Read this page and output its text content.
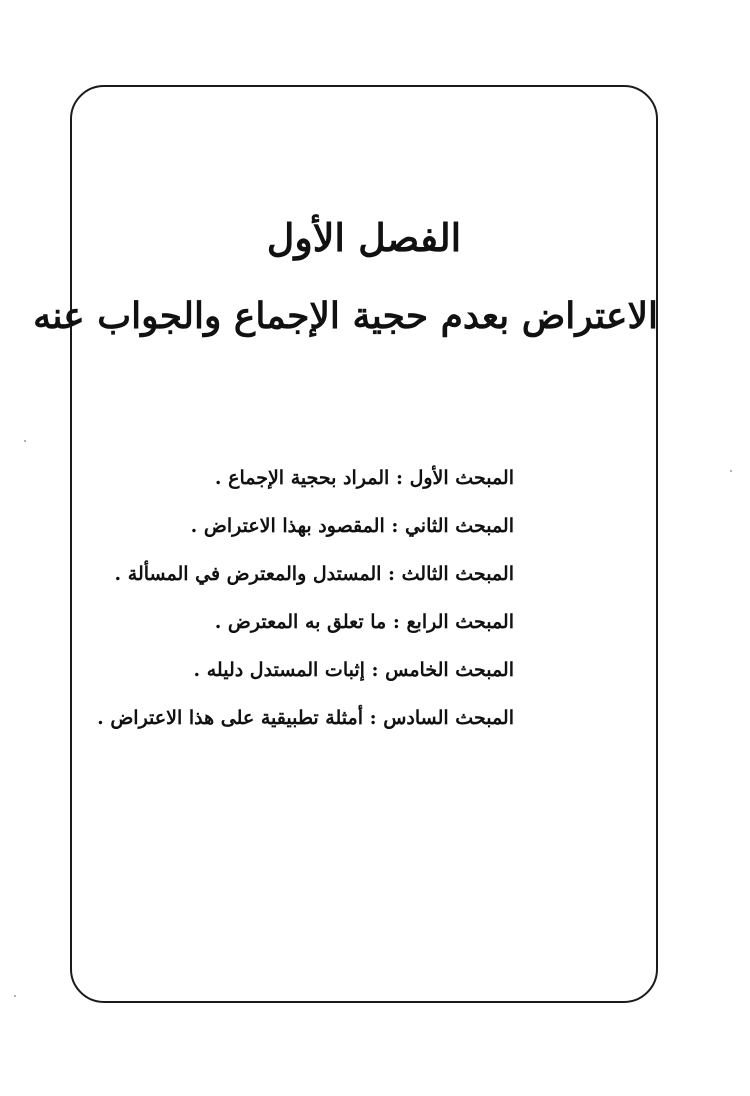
الفصل الأول
الاعتراض بعدم حجية الإجماع والجواب عنه
المبحث الأول : المراد بحجية الإجماع .
المبحث الثاني : المقصود بهذا الاعتراض .
المبحث الثالث : المستدل والمعترض في المسألة .
المبحث الرابع : ما تعلق به المعترض .
المبحث الخامس : إثبات المستدل دليله .
المبحث السادس : أمثلة تطبيقية على هذا الاعتراض .
